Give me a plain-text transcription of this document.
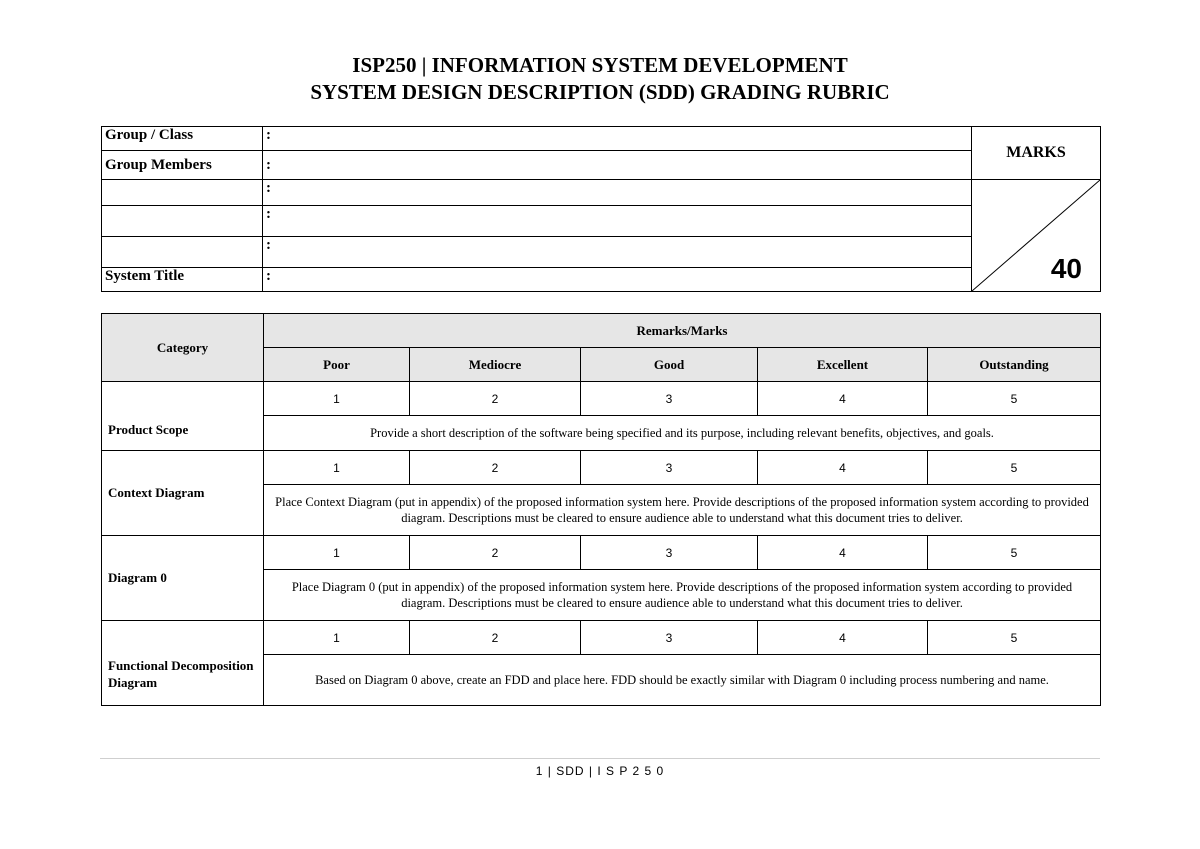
ISP250 | INFORMATION SYSTEM DEVELOPMENT
SYSTEM DESIGN DESCRIPTION (SDD) GRADING RUBRIC
Group / Class	:	MARKS
Group Members	:	
	:	40

	:	
	:	
System Title	:	
Category	Remarks/Marks				
	Poor	Mediocre	Good	Excellent	Outstanding
Product Scope	1	2	3	4	5
	Provide a short description of the software being specified and its purpose, including relevant benefits, objectives, and goals.				
Context Diagram	1	2	3	4	5
	Place Context Diagram (put in appendix) of the proposed information system here. Provide descriptions of the proposed information system according to provided diagram. Descriptions must be cleared to ensure audience able to understand what this document tries to deliver.				
Diagram 0	1	2	3	4	5
	Place Diagram 0 (put in appendix) of the proposed information system here. Provide descriptions of the proposed information system according to provided diagram. Descriptions must be cleared to ensure audience able to understand what this document tries to deliver.				
Functional Decomposition Diagram	1	2	3	4	5
	Based on Diagram 0 above, create an FDD and place here. FDD should be exactly similar with Diagram 0 including process numbering and name.				
1 | SDD | I S P 2 5 0
